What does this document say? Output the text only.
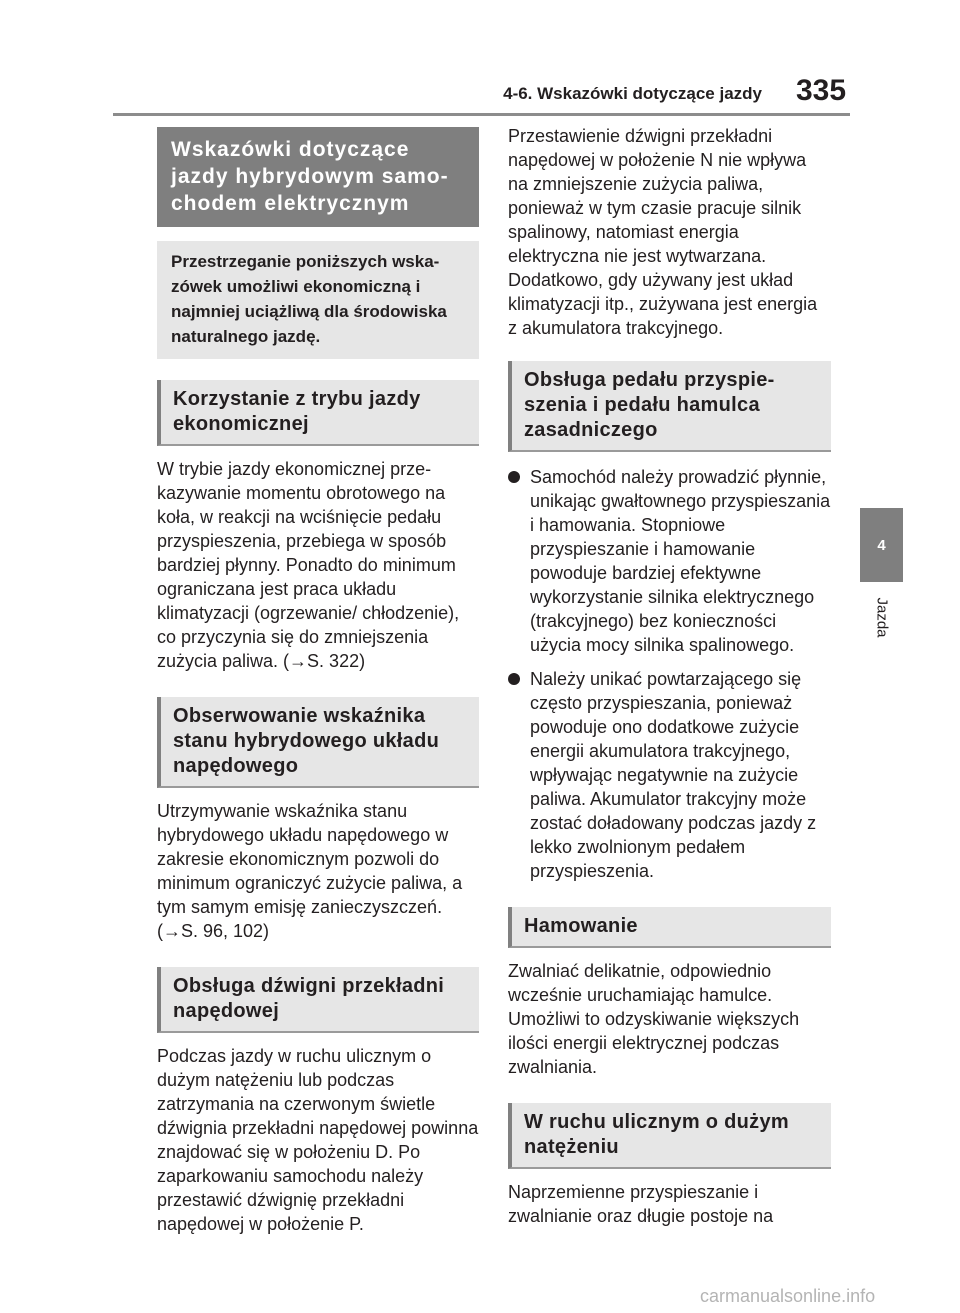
4-6. Wskazówki dotyczące jazdy 335
4
Jazda
Wskazówki dotyczące jazdy hybrydowym samochodem elektrycznym
Przestrzeganie poniższych wskazówek umożliwi ekonomiczną i najmniej uciążliwą dla środowiska naturalnego jazdę.
Korzystanie z trybu jazdy ekonomicznej

W trybie jazdy ekonomicznej przekazywanie momentu obrotowego na koła, w reakcji na wciśnięcie pedału przyspieszenia, przebiega w sposób bardziej płynny. Ponadto do minimum ograniczana jest praca układu klimatyzacji (ogrzewanie/ chłodzenie), co przyczynia się do zmniejszenia zużycia paliwa. (→S. 322)

Obserwowanie wskaźnika stanu hybrydowego układu napędowego

Utrzymywanie wskaźnika stanu hybrydowego układu napędowego w zakresie ekonomicznym pozwoli do minimum ograniczyć zużycie paliwa, a tym samym emisję zanieczyszczeń. (→S. 96, 102)

Obsługa dźwigni przekładni napędowej

Podczas jazdy w ruchu ulicznym o dużym natężeniu lub podczas zatrzymania na czerwonym świetle dźwignia przekładni napędowej powinna znajdować się w położeniu D. Po zaparkowaniu samochodu należy przestawić dźwignię przekładni napędowej w położenie P.

Przestawienie dźwigni przekładni napędowej w położenie N nie wpływa na zmniejszenie zużycia paliwa, ponieważ w tym czasie pracuje silnik spalinowy, natomiast energia elektryczna nie jest wytwarzana. Dodatkowo, gdy używany jest układ klimatyzacji itp., zużywana jest energia z akumulatora trakcyjnego.

Obsługa pedału przyspieszenia i pedału hamulca zasadniczego
Samochód należy prowadzić płynnie, unikając gwałtownego przyspieszania i hamowania. Stopniowe przyspieszanie i hamowanie powoduje bardziej efektywne wykorzystanie silnika elektrycznego (trakcyjnego) bez konieczności użycia mocy silnika spalinowego.
Należy unikać powtarzającego się często przyspieszania, ponieważ powoduje ono dodatkowe zużycie energii akumulatora trakcyjnego, wpływając negatywnie na zużycie paliwa. Akumulator trakcyjny może zostać doładowany podczas jazdy z lekko zwolnionym pedałem przyspieszenia.
Hamowanie

Zwalniać delikatnie, odpowiednio wcześnie uruchamiając hamulce. Umożliwi to odzyskiwanie większych ilości energii elektrycznej podczas zwalniania.

W ruchu ulicznym o dużym natężeniu

Naprzemienne przyspieszanie i zwalnianie oraz długie postoje na

carmanualsonline.info
